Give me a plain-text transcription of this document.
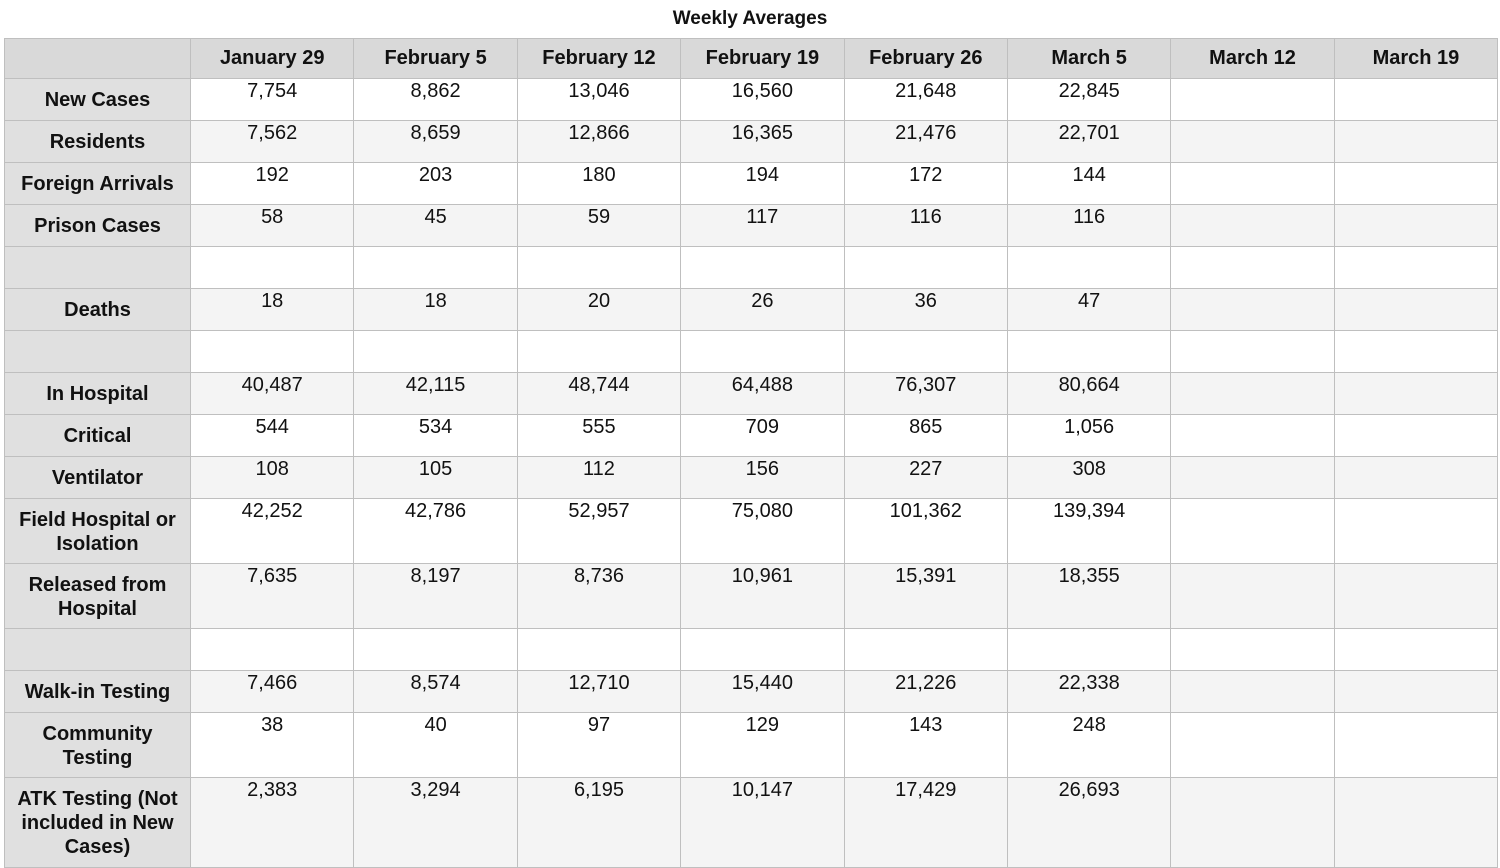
Weekly Averages
	January 29	February 5	February 12	February 19	February 26	March 5	March 12	March 19
New Cases	7,754	8,862	13,046	16,560	21,648	22,845		
Residents	7,562	8,659	12,866	16,365	21,476	22,701		
Foreign Arrivals	192	203	180	194	172	144		
Prison Cases	58	45	59	117	116	116		

Deaths	18	18	20	26	36	47		

In Hospital	40,487	42,115	48,744	64,488	76,307	80,664		
Critical	544	534	555	709	865	1,056		
Ventilator	108	105	112	156	227	308		
Field Hospital or Isolation	42,252	42,786	52,957	75,080	101,362	139,394		
Released from Hospital	7,635	8,197	8,736	10,961	15,391	18,355		

Walk-in Testing	7,466	8,574	12,710	15,440	21,226	22,338		
Community Testing	38	40	97	129	143	248		
ATK Testing (Not included in New Cases)	2,383	3,294	6,195	10,147	17,429	26,693		
